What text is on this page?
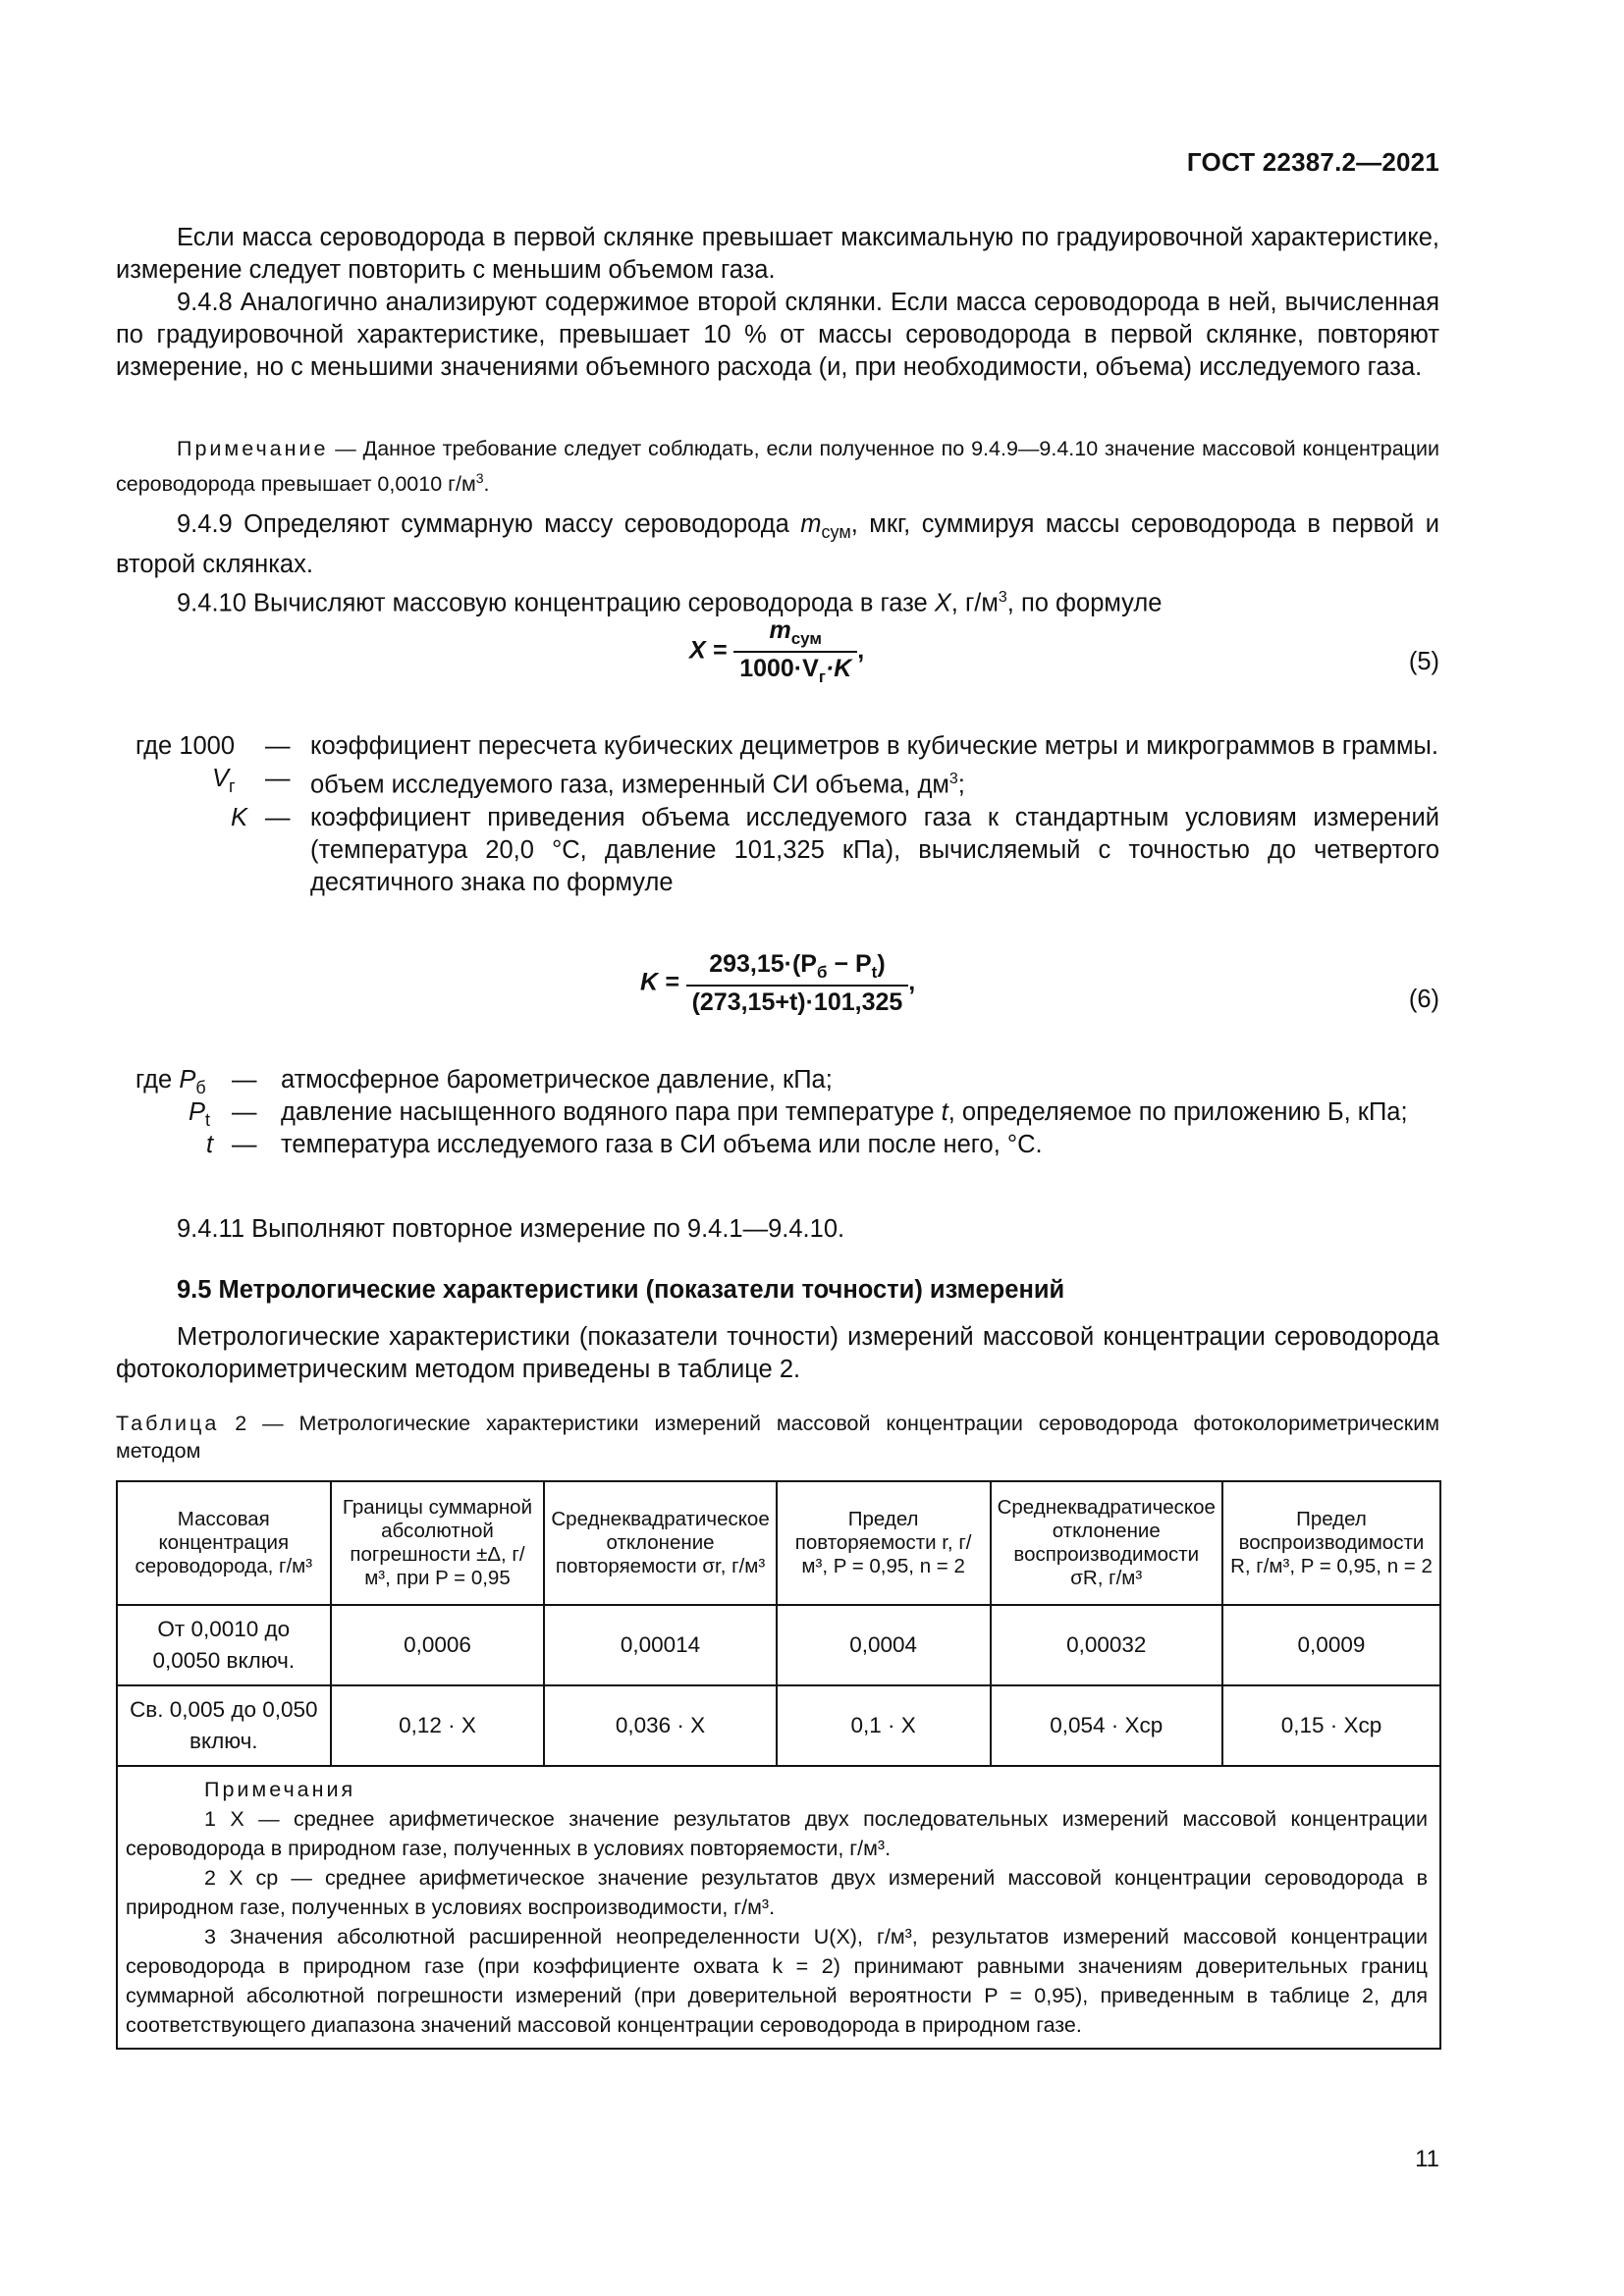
ГОСТ 22387.2—2021

Если масса сероводорода в первой склянке превышает максимальную по градуировочной характеристике, измерение следует повторить с меньшим объемом газа.

9.4.8 Аналогично анализируют содержимое второй склянки. Если масса сероводорода в ней, вычисленная по градуировочной характеристике, превышает 10 % от массы сероводорода в первой склянке, повторяют измерение, но с меньшими значениями объемного расхода (и, при необходимости, объема) исследуемого газа.

Примечание — Данное требование следует соблюдать, если полученное по 9.4.9—9.4.10 значение массовой концентрации сероводорода превышает 0,0010 $г/м^3$.

9.4.9 Определяют суммарную массу сероводорода $m_{сум}$, мкг, суммируя массы сероводорода в первой и второй склянках.

9.4.10 Вычисляют массовую концентрацию сероводорода в газе X, $г/м^3$, по формуле

$X = \frac{m_{сум}}{1000\cdot V_г\cdot K}$ ,	(5)
где 1000 — коэффициент пересчета кубических дециметров в кубические метры и микрограммов в граммы.
$V_г$ — объем исследуемого газа, измеренный СИ объема, $дм^3$;
K — коэффициент приведения объема исследуемого газа к стандартным условиям измерений (температура 20,0 °С, давление 101,325 кПа), вычисляемый с точностью до четвертого десятичного знака по формуле
$K = \frac{293,15\cdot(P_б - P_t)}{(273,15+t)\cdot 101,325}$ ,
(6)
где $P_б$ — атмосферное барометрическое давление, кПа;
$P_t$ — давление насыщенного водяного пара при температуре t, определяемое по приложению Б, кПа;
t — температура исследуемого газа в СИ объема или после него, °С.

9.4.11 Выполняют повторное измерение по 9.4.1—9.4.10.

9.5 Метрологические характеристики (показатели точности) измерений

Метрологические характеристики (показатели точности) измерений массовой концентрации сероводорода фотоколориметрическим методом приведены в таблице 2.

Таблица 2 — Метрологические характеристики измерений массовой концентрации сероводорода фотоколориметрическим методом
Массовая концентрация сероводорода, г/м³	Границы суммарной абсолютной погрешности ±Δ, г/м³, при P = 0,95	Среднеквадратическое отклонение повторяемости σr, г/м³	Предел повторяемости r, г/м³, P = 0,95, n = 2	Среднеквадратическое отклонение воспроизводимости σR, г/м³	Предел воспроизводимости R, г/м³, P = 0,95, n = 2
От 0,0010 до 0,0050 включ.	0,0006	0,00014	0,0004	0,00032	0,0009
Св. 0,005 до 0,050 включ.	0,12 · X	0,036 · X	0,1 · X	0,054 · Xср	0,15 · Xср

Примечания

1 X — среднее арифметическое значение результатов двух последовательных измерений массовой концентрации сероводорода в природном газе, полученных в условиях повторяемости, г/м³.

2 X ср — среднее арифметическое значение результатов двух измерений массовой концентрации сероводорода в природном газе, полученных в условиях воспроизводимости, г/м³.

3 Значения абсолютной расширенной неопределенности U(X), г/м³, результатов измерений массовой концентрации сероводорода в природном газе (при коэффициенте охвата k = 2) принимают равными значениям доверительных границ суммарной абсолютной погрешности измерений (при доверительной вероятности P = 0,95), приведенным в таблице 2, для соответствующего диапазона значений массовой концентрации сероводорода в природном газе.					

11
